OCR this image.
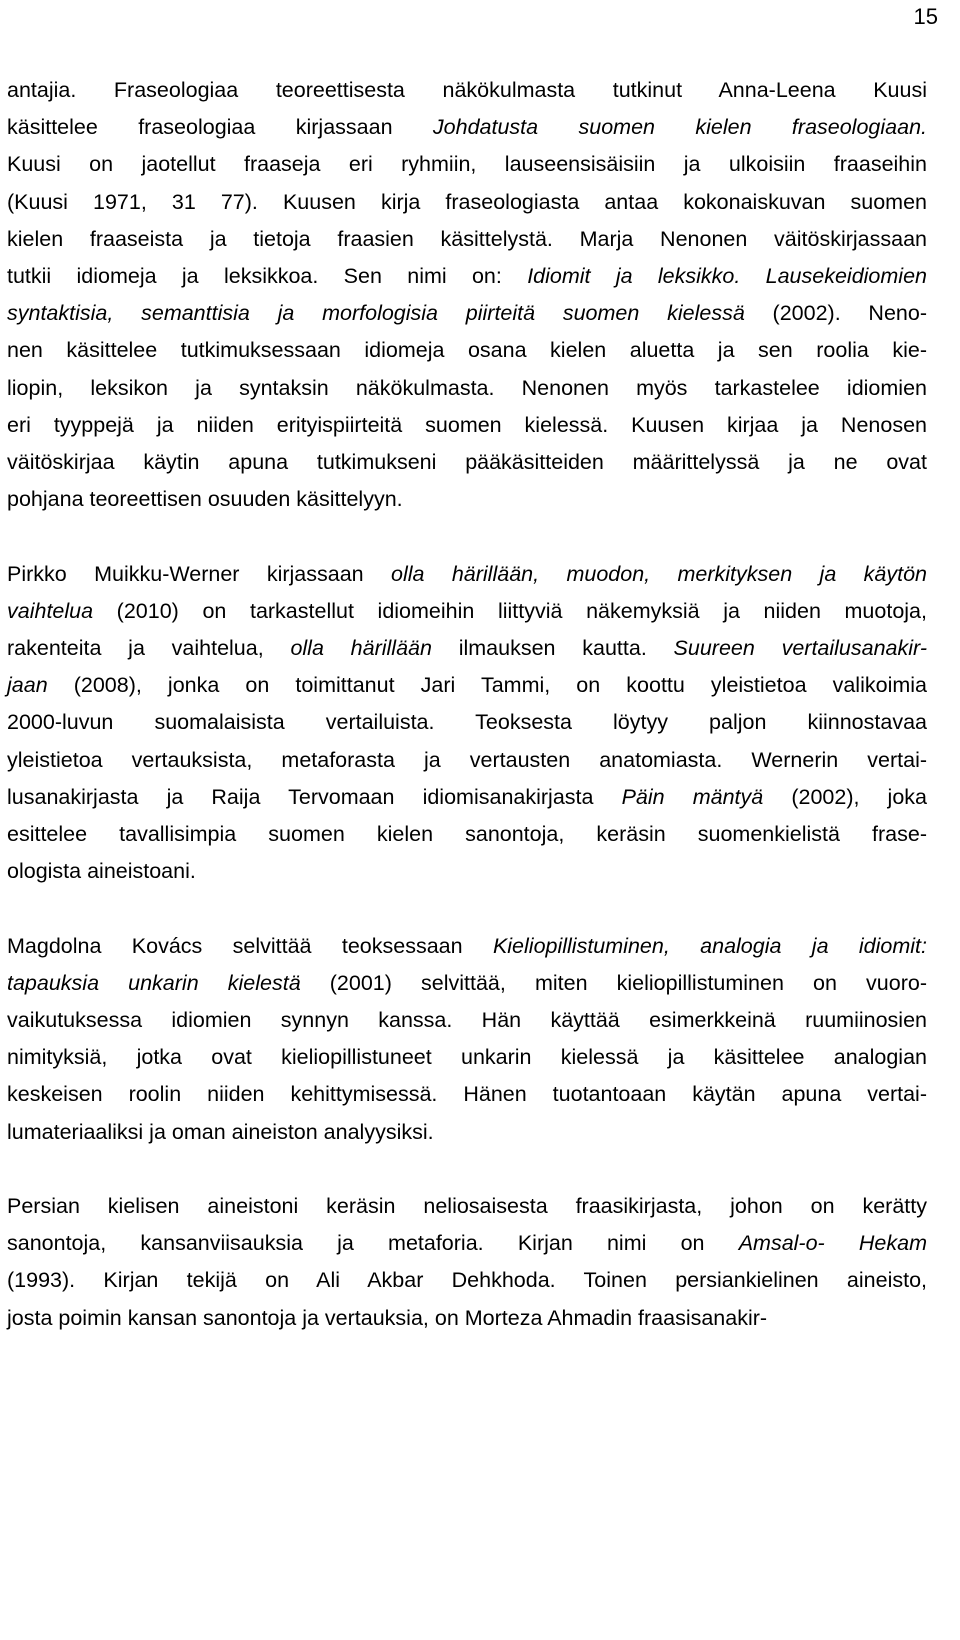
15

antajia. Fraseologiaa teoreettisesta näkökulmasta tutkinut Anna-Leena Kuusi
käsittelee fraseologiaa kirjassaan Johdatusta suomen kielen fraseologiaan.
Kuusi on jaotellut fraaseja eri ryhmiin, lauseensisäisiin ja ulkoisiin fraaseihin
(Kuusi 1971, 31 77). Kuusen kirja fraseologiasta antaa kokonaiskuvan suomen
kielen fraaseista ja tietoja fraasien käsittelystä. Marja Nenonen väitöskirjassaan
tutkii idiomeja ja leksikkoa. Sen nimi on: Idiomit ja leksikko. Lausekeidiomien
syntaktisia, semanttisia ja morfologisia piirteitä suomen kielessä (2002). Neno-
nen käsittelee tutkimuksessaan idiomeja osana kielen aluetta ja sen roolia kie-
liopin, leksikon ja syntaksin näkökulmasta. Nenonen myös tarkastelee idiomien
eri tyyppejä ja niiden erityispiirteitä suomen kielessä. Kuusen kirjaa ja Nenosen
väitöskirjaa käytin apuna tutkimukseni pääkäsitteiden määrittelyssä ja ne ovat
pohjana teoreettisen osuuden käsittelyyn.

Pirkko Muikku-Werner kirjassaan olla härillään, muodon, merkityksen ja käytön
vaihtelua (2010) on tarkastellut idiomeihin liittyviä näkemyksiä ja niiden muotoja,
rakenteita ja vaihtelua, olla härillään ilmauksen kautta. Suureen vertailusanakir-
jaan (2008), jonka on toimittanut Jari Tammi, on koottu yleistietoa valikoimia
2000-luvun suomalaisista vertailuista. Teoksesta löytyy paljon kiinnostavaa
yleistietoa vertauksista, metaforasta ja vertausten anatomiasta. Wernerin vertai-
lusanakirjasta ja Raija Tervomaan idiomisanakirjasta Päin mäntyä (2002), joka
esittelee tavallisimpia suomen kielen sanontoja, keräsin suomenkielistä frase-
ologista aineistoani.

Magdolna Kovács selvittää teoksessaan Kieliopillistuminen, analogia ja idiomit:
tapauksia unkarin kielestä (2001) selvittää, miten kieliopillistuminen on vuoro-
vaikutuksessa idiomien synnyn kanssa. Hän käyttää esimerkkeinä ruumiinosien
nimityksiä, jotka ovat kieliopillistuneet unkarin kielessä ja käsittelee analogian
keskeisen roolin niiden kehittymisessä. Hänen tuotantoaan käytän apuna vertai-
lumateriaaliksi ja oman aineiston analyysiksi.

Persian kielisen aineistoni keräsin neliosaisesta fraasikirjasta, johon on kerätty
sanontoja, kansanviisauksia ja metaforia. Kirjan nimi on Amsal-o- Hekam
(1993). Kirjan tekijä on Ali Akbar Dehkhoda. Toinen persiankielinen aineisto,
josta poimin kansan sanontoja ja vertauksia, on Morteza Ahmadin fraasisanakir-
